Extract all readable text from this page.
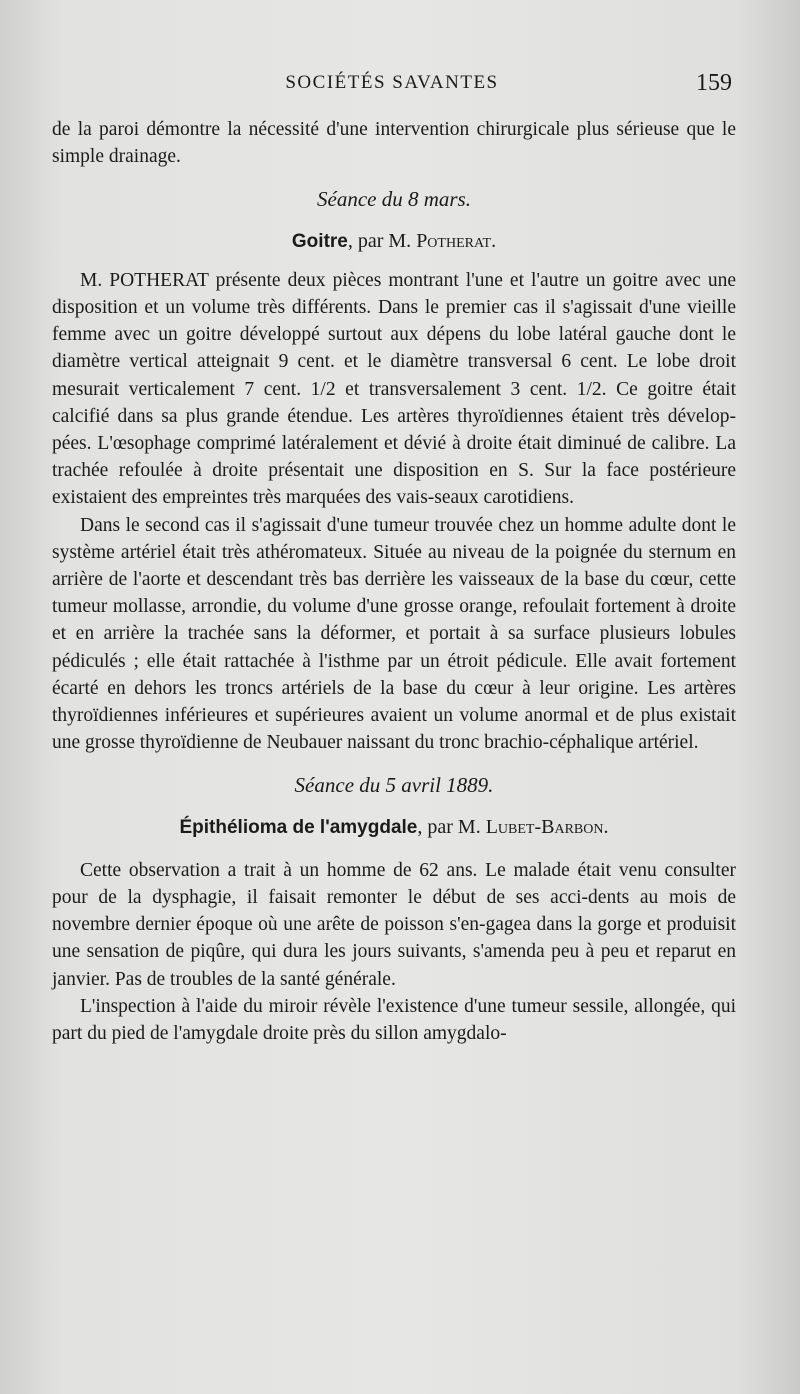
SOCIÉTÉS SAVANTES	159

de la paroi démontre la nécessité d'une intervention chirurgicale plus sérieuse que le simple drainage.

Séance du 8 mars.
Goitre, par M. Potherat.

M. POTHERAT présente deux pièces montrant l'une et l'autre un goitre avec une disposition et un volume très différents. Dans le premier cas il s'agissait d'une vieille femme avec un goitre développé surtout aux dépens du lobe latéral gauche dont le diamètre vertical atteignait 9 cent. et le diamètre transversal 6 cent. Le lobe droit mesurait verticalement 7 cent. 1/2 et transversalement 3 cent. 1/2. Ce goitre était calcifié dans sa plus grande étendue. Les artères thyroïdiennes étaient très dévelop-pées. L'œsophage comprimé latéralement et dévié à droite était diminué de calibre. La trachée refoulée à droite présentait une disposition en S. Sur la face postérieure existaient des empreintes très marquées des vais-seaux carotidiens.

Dans le second cas il s'agissait d'une tumeur trouvée chez un homme adulte dont le système artériel était très athéromateux. Située au niveau de la poignée du sternum en arrière de l'aorte et descendant très bas derrière les vaisseaux de la base du cœur, cette tumeur mollasse, arrondie, du volume d'une grosse orange, refoulait fortement à droite et en arrière la trachée sans la déformer, et portait à sa surface plusieurs lobules pédiculés ; elle était rattachée à l'isthme par un étroit pédicule. Elle avait fortement écarté en dehors les troncs artériels de la base du cœur à leur origine. Les artères thyroïdiennes inférieures et supérieures avaient un volume anormal et de plus existait une grosse thyroïdienne de Neubauer naissant du tronc brachio-céphalique artériel.

Séance du 5 avril 1889.
Épithélioma de l'amygdale, par M. Lubet-Barbon.

Cette observation a trait à un homme de 62 ans. Le malade était venu consulter pour de la dysphagie, il faisait remonter le début de ses acci-dents au mois de novembre dernier époque où une arête de poisson s'en-gagea dans la gorge et produisit une sensation de piqûre, qui dura les jours suivants, s'amenda peu à peu et reparut en janvier. Pas de troubles de la santé générale.

L'inspection à l'aide du miroir révèle l'existence d'une tumeur sessile, allongée, qui part du pied de l'amygdale droite près du sillon amygdalo-
